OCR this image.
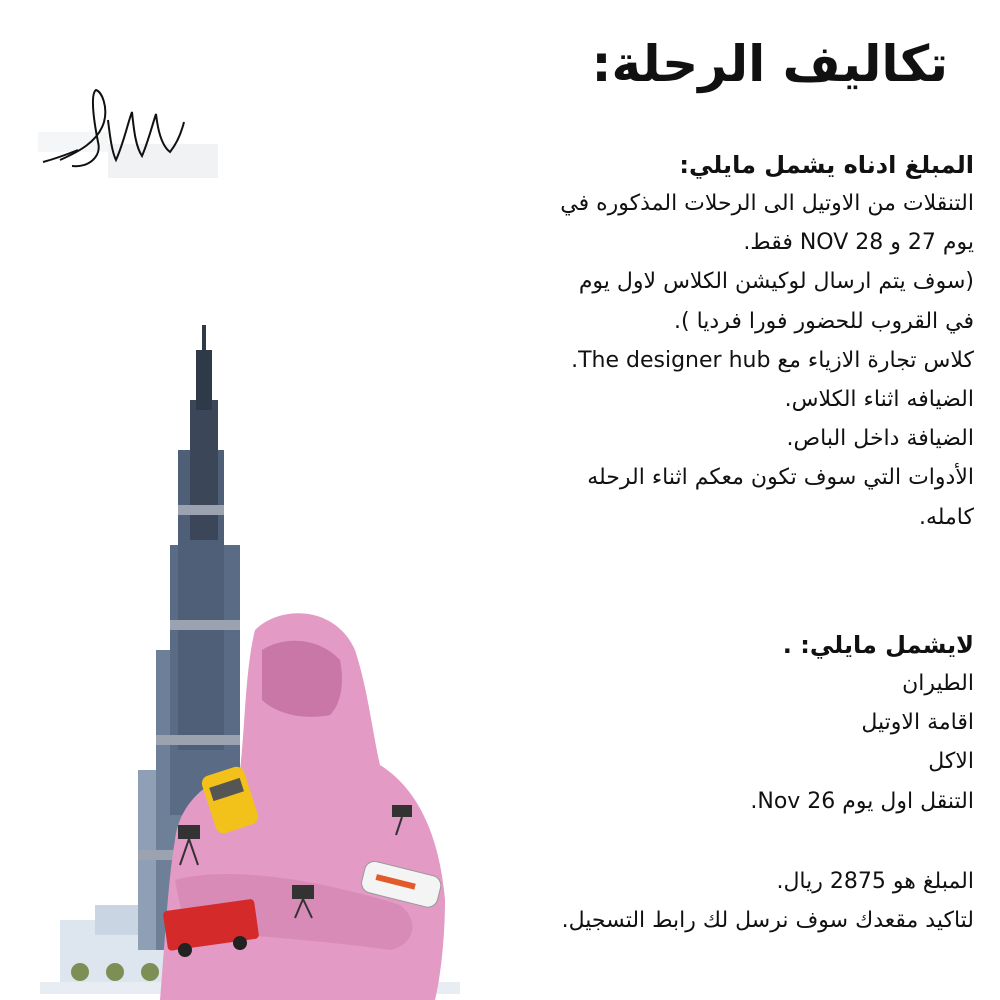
تكاليف الرحلة:
المبلغ ادناه يشمل مايلي:
التنقلات من الاوتيل الى الرحلات المذكوره في
يوم 27 و 28 NOV فقط.
(سوف يتم ارسال لوكيشن الكلاس لاول يوم
في القروب للحضور فورا فرديا ).
كلاس تجارة الازياء مع The designer hub.
الضيافه اثناء الكلاس.
الضيافة داخل الباص.
الأدوات التي سوف تكون معكم اثناء الرحله
كامله.
لايشمل مايلي: .
الطيران
اقامة الاوتيل
الاكل
التنقل اول يوم 26 Nov.
المبلغ هو 2875 ريال.
لتاكيد مقعدك سوف نرسل لك رابط التسجيل.
